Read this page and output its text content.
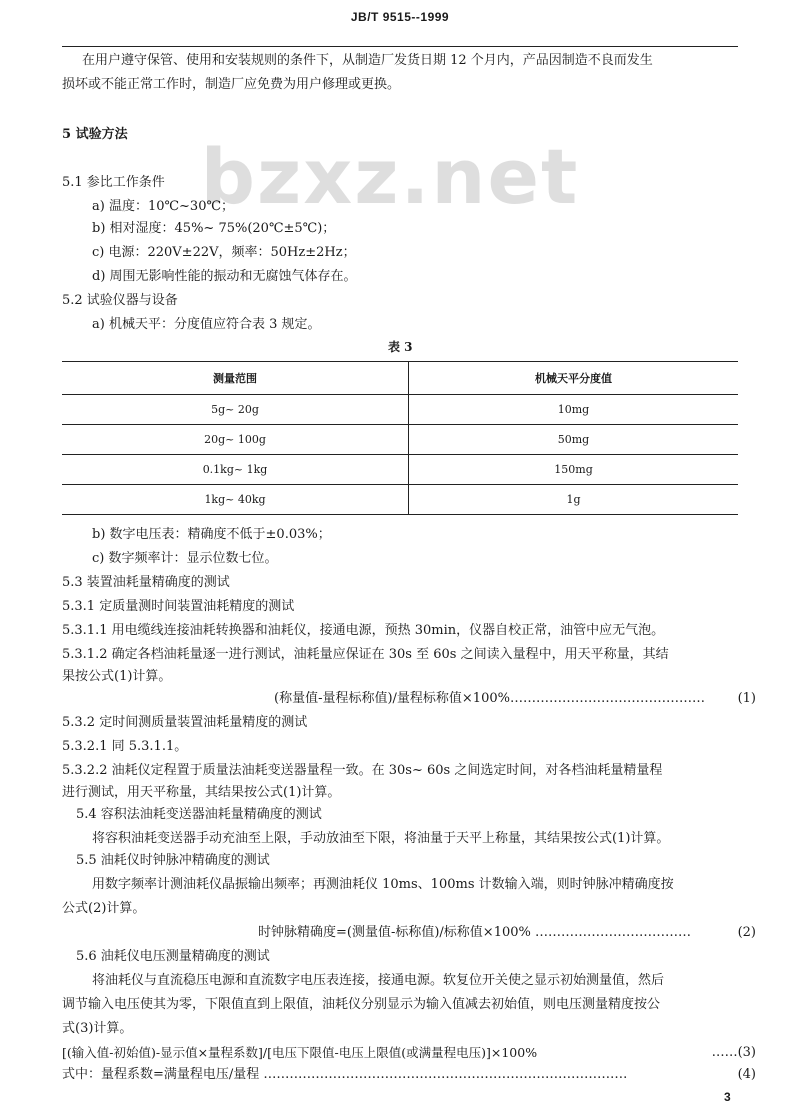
JB/T 9515--1999
bzxz.net
在用户遵守保管、使用和安装规则的条件下，从制造厂发货日期 12 个月内，产品因制造不良而发生
损坏或不能正常工作时，制造厂应免费为用户修理或更换。
5 试验方法
5.1 参比工作条件
a) 温度：10℃~30℃；
b) 相对湿度：45%~ 75%(20℃±5℃)；
c) 电源：220V±22V，频率：50Hz±2Hz；
d) 周围无影响性能的振动和无腐蚀气体存在。
5.2 试验仪器与设备
a) 机械天平：分度值应符合表 3 规定。
表 3
测量范围	机械天平分度值
5g~ 20g	10mg
20g~ 100g	50mg
0.1kg~ 1kg	150mg
1kg~ 40kg	1g
b) 数字电压表：精确度不低于±0.03%；
c) 数字频率计：显示位数七位。
5.3 装置油耗量精确度的测试
5.3.1 定质量测时间装置油耗精度的测试
5.3.1.1 用电缆线连接油耗转换器和油耗仪，接通电源，预热 30min，仪器自校正常，油管中应无气泡。
5.3.1.2 确定各档油耗量逐一进行测试，油耗量应保证在 30s 至 60s 之间读入量程中，用天平称量，其结
果按公式(1)计算。
(称量值-量程标称值)/量程标称值×100%………………………………………	(1)
5.3.2 定时间测质量装置油耗量精度的测试
5.3.2.1 同 5.3.1.1。
5.3.2.2 油耗仪定程置于质量法油耗变送器量程一致。在 30s~ 60s 之间选定时间，对各档油耗量精量程
进行测试，用天平称量，其结果按公式(1)计算。
5.4 容积法油耗变送器油耗量精确度的测试
将容积油耗变送器手动充油至上限，手动放油至下限，将油量于天平上称量，其结果按公式(1)计算。
5.5 油耗仪时钟脉冲精确度的测试
用数字频率计测油耗仪晶振输出频率；再测油耗仪 10ms、100ms 计数输入端，则时钟脉冲精确度按
公式(2)计算。
时钟脉精确度=(测量值-标称值)/标称值×100% ………………………………	(2)
5.6 油耗仪电压测量精确度的测试
将油耗仪与直流稳压电源和直流数字电压表连接，接通电源。软复位开关使之显示初始测量值，然后
调节输入电压使其为零，下限值直到上限值，油耗仪分别显示为输入值减去初始值，则电压测量精度按公
式(3)计算。
[(输入值-初始值)-显示值×量程系数]/[电压下限值-电压上限值(或满量程电压)]×100%	……(3)
式中：量程系数=满量程电压/量程 …………………………………………………………………………	(4)
3
